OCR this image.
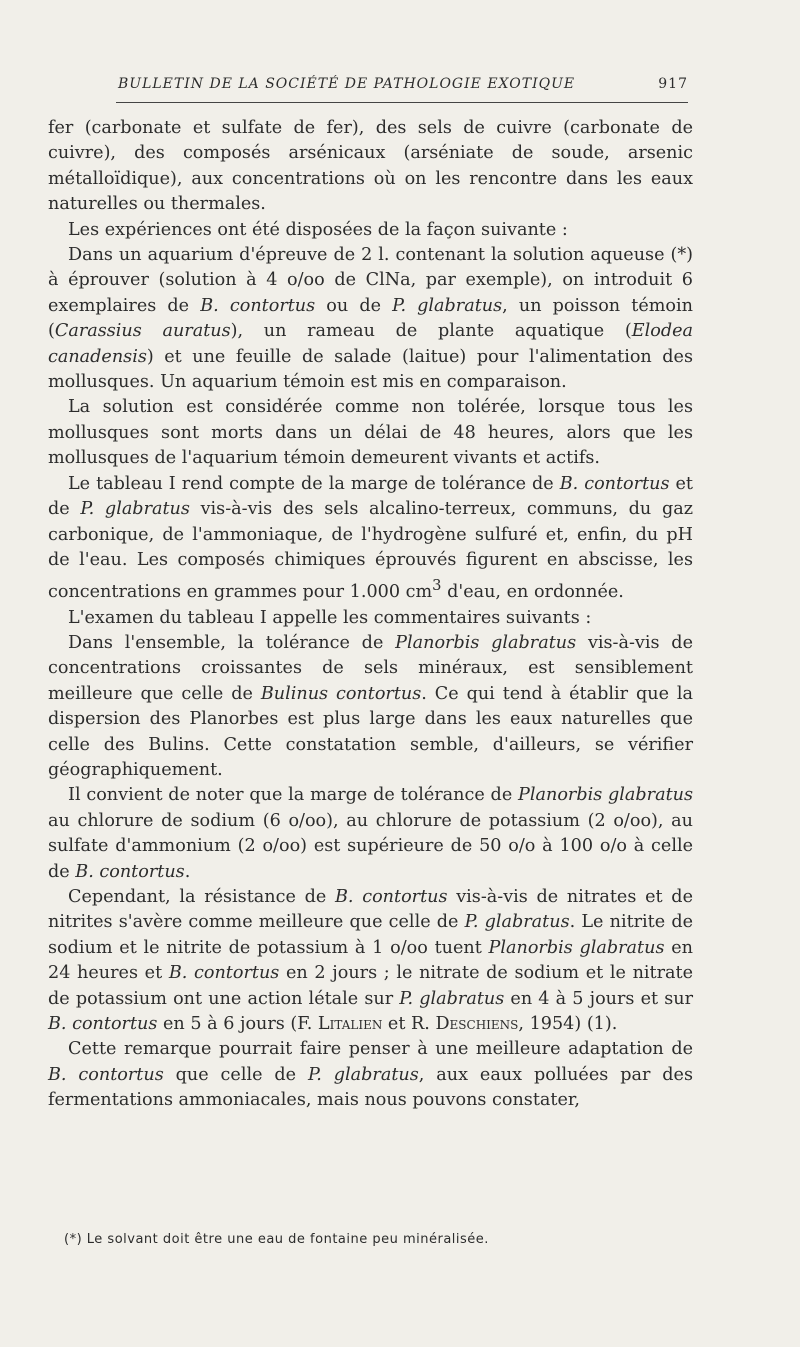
BULLETIN DE LA SOCIÉTÉ DE PATHOLOGIE EXOTIQUE	917

fer (carbonate et sulfate de fer), des sels de cuivre (carbonate de cuivre), des composés arsénicaux (arséniate de soude, arsenic métalloïdique), aux concentrations où on les rencontre dans les eaux naturelles ou thermales.

Les expériences ont été disposées de la façon suivante :

Dans un aquarium d'épreuve de 2 l. contenant la solution aqueuse (*) à éprouver (solution à 4 o/oo de ClNa, par exemple), on introduit 6 exemplaires de B. contortus ou de P. glabratus, un poisson témoin (Carassius auratus), un rameau de plante aquatique (Elodea canadensis) et une feuille de salade (laitue) pour l'alimentation des mollusques. Un aquarium témoin est mis en comparaison.

La solution est considérée comme non tolérée, lorsque tous les mollusques sont morts dans un délai de 48 heures, alors que les mollusques de l'aquarium témoin demeurent vivants et actifs.

Le tableau I rend compte de la marge de tolérance de B. contortus et de P. glabratus vis-à-vis des sels alcalino-terreux, communs, du gaz carbonique, de l'ammoniaque, de l'hydrogène sulfuré et, enfin, du pH de l'eau. Les composés chimiques éprouvés figurent en abscisse, les concentrations en grammes pour 1.000 $cm^3$ d'eau, en ordonnée.

L'examen du tableau I appelle les commentaires suivants :

Dans l'ensemble, la tolérance de Planorbis glabratus vis-à-vis de concentrations croissantes de sels minéraux, est sensiblement meilleure que celle de Bulinus contortus. Ce qui tend à établir que la dispersion des Planorbes est plus large dans les eaux naturelles que celle des Bulins. Cette constatation semble, d'ailleurs, se vérifier géographiquement.

Il convient de noter que la marge de tolérance de Planorbis glabratus au chlorure de sodium (6 o/oo), au chlorure de potassium (2 o/oo), au sulfate d'ammonium (2 o/oo) est supérieure de 50 o/o à 100 o/o à celle de B. contortus.

Cependant, la résistance de B. contortus vis-à-vis de nitrates et de nitrites s'avère comme meilleure que celle de P. glabratus. Le nitrite de sodium et le nitrite de potassium à 1 o/oo tuent Planorbis glabratus en 24 heures et B. contortus en 2 jours ; le nitrate de sodium et le nitrate de potassium ont une action létale sur P. glabratus en 4 à 5 jours et sur B. contortus en 5 à 6 jours (F. Litalien et R. Deschiens, 1954) (1).

Cette remarque pourrait faire penser à une meilleure adaptation de B. contortus que celle de P. glabratus, aux eaux polluées par des fermentations ammoniacales, mais nous pouvons constater,

(*) Le solvant doit être une eau de fontaine peu minéralisée.
